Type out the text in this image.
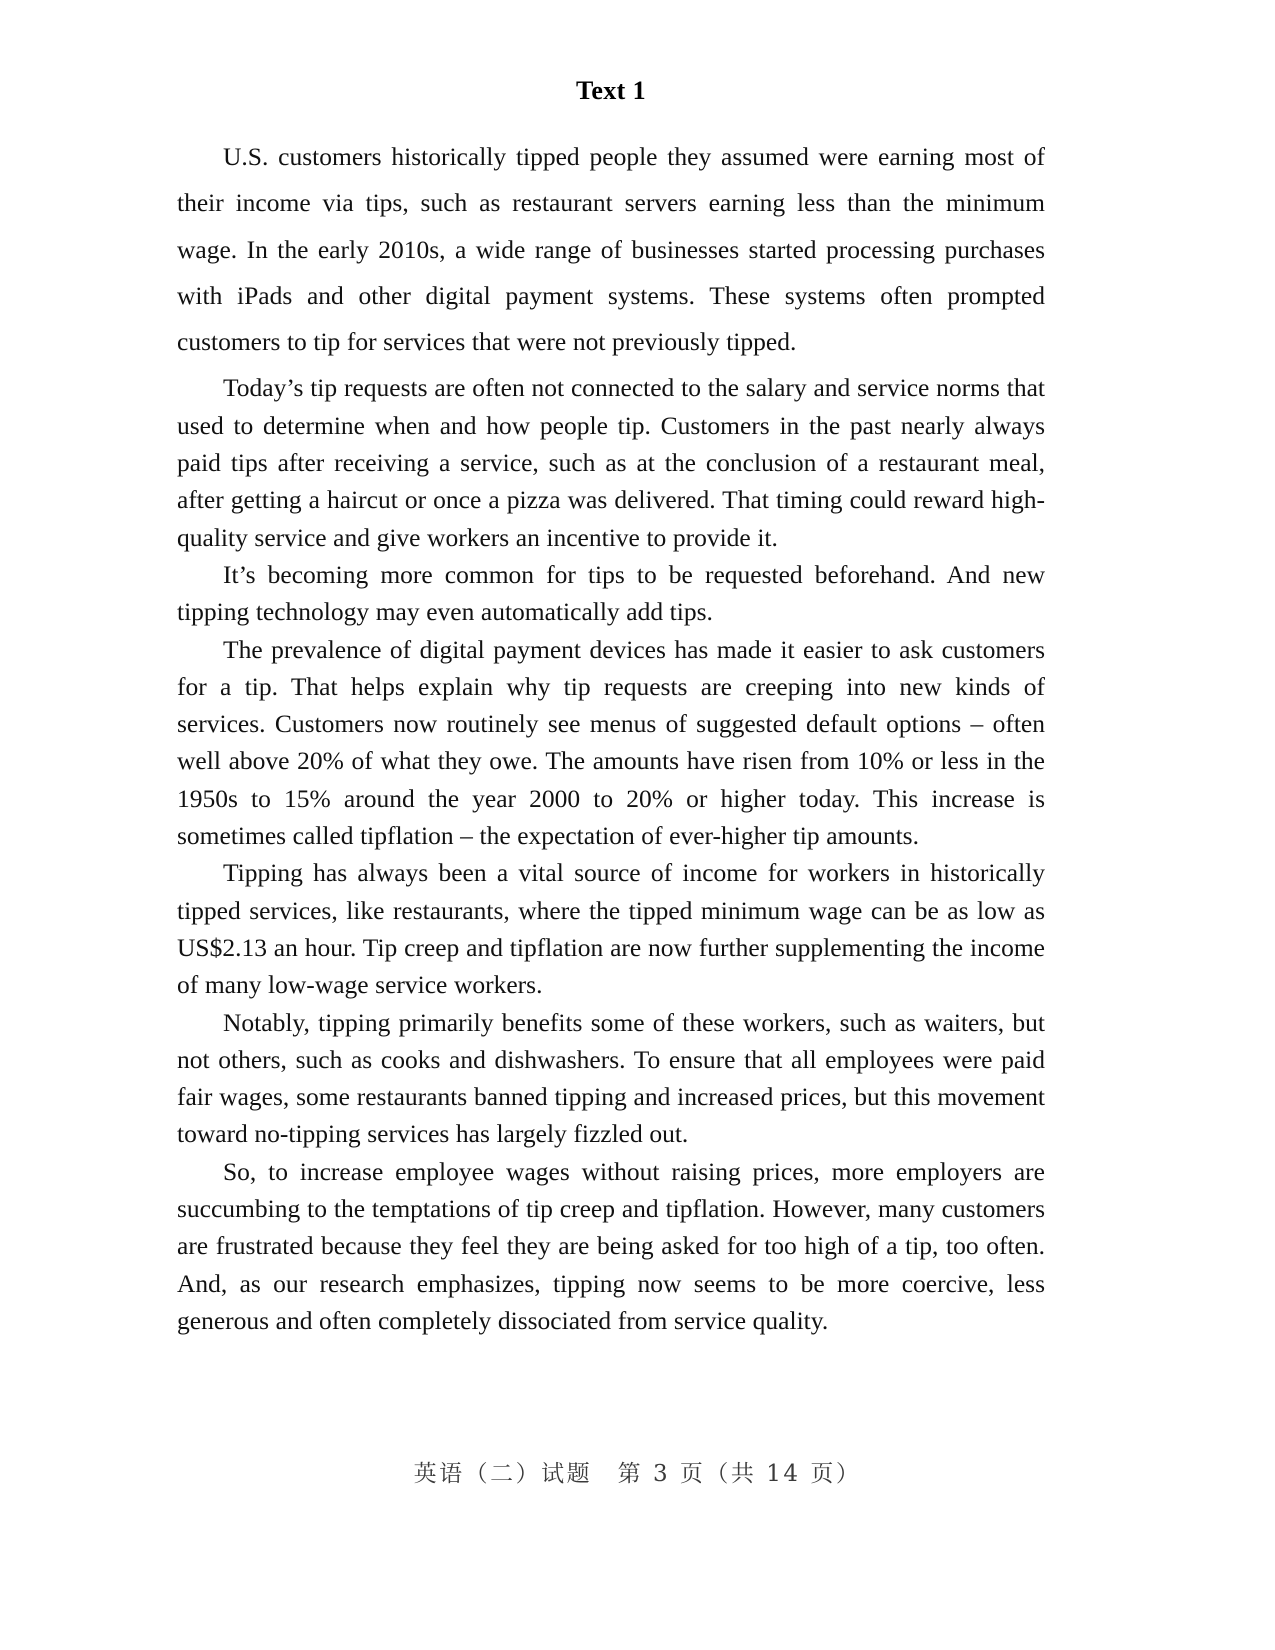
Text 1

U.S. customers historically tipped people they assumed were earning most of their income via tips, such as restaurant servers earning less than the minimum wage. In the early 2010s, a wide range of businesses started processing purchases with iPads and other digital payment systems. These systems often prompted customers to tip for services that were not previously tipped.

Today’s tip requests are often not connected to the salary and service norms that used to determine when and how people tip. Customers in the past nearly always paid tips after receiving a service, such as at the conclusion of a restaurant meal, after getting a haircut or once a pizza was delivered. That timing could reward high-quality service and give workers an incentive to provide it.

It’s becoming more common for tips to be requested beforehand. And new tipping technology may even automatically add tips.

The prevalence of digital payment devices has made it easier to ask customers for a tip. That helps explain why tip requests are creeping into new kinds of services. Customers now routinely see menus of suggested default options – often well above 20% of what they owe. The amounts have risen from 10% or less in the 1950s to 15% around the year 2000 to 20% or higher today. This increase is sometimes called tipflation – the expectation of ever-higher tip amounts.

Tipping has always been a vital source of income for workers in historically tipped services, like restaurants, where the tipped minimum wage can be as low as US$2.13 an hour. Tip creep and tipflation are now further supplementing the income of many low-wage service workers.

Notably, tipping primarily benefits some of these workers, such as waiters, but not others, such as cooks and dishwashers. To ensure that all employees were paid fair wages, some restaurants banned tipping and increased prices, but this movement toward no-tipping services has largely fizzled out.

So, to increase employee wages without raising prices, more employers are succumbing to the temptations of tip creep and tipflation. However, many customers are frustrated because they feel they are being asked for too high of a tip, too often. And, as our research emphasizes, tipping now seems to be more coercive, less generous and often completely dissociated from service quality.

英语（二）试题　第 3 页（共 14 页）
